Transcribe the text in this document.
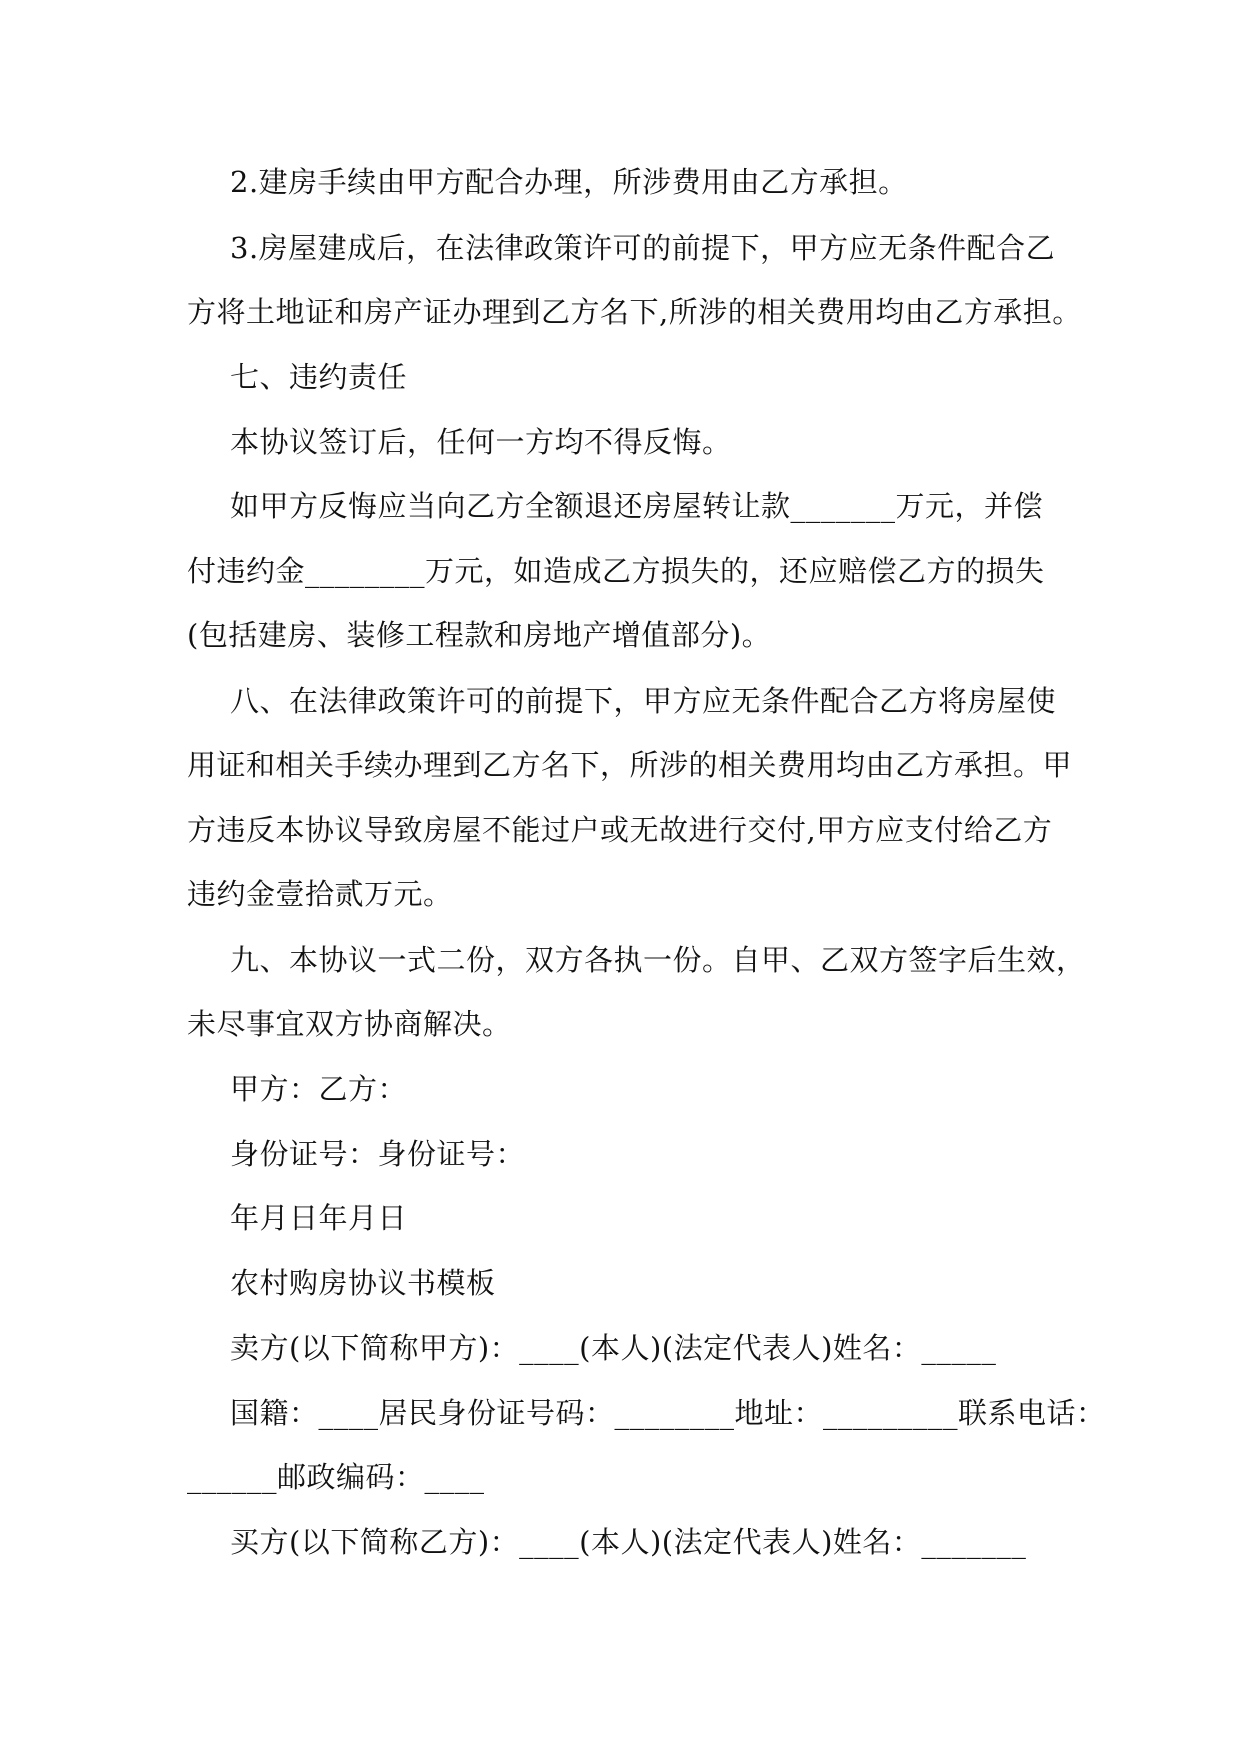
2.建房手续由甲方配合办理，所涉费用由乙方承担。
3.房屋建成后，在法律政策许可的前提下，甲方应无条件配合乙
方将土地证和房产证办理到乙方名下,所涉的相关费用均由乙方承担。
七、违约责任
本协议签订后，任何一方均不得反悔。
如甲方反悔应当向乙方全额退还房屋转让款_______万元，并偿
付违约金________万元，如造成乙方损失的，还应赔偿乙方的损失
(包括建房、装修工程款和房地产增值部分)。
八、在法律政策许可的前提下，甲方应无条件配合乙方将房屋使
用证和相关手续办理到乙方名下，所涉的相关费用均由乙方承担。甲
方违反本协议导致房屋不能过户或无故进行交付,甲方应支付给乙方
违约金壹拾贰万元。
九、本协议一式二份，双方各执一份。自甲、乙双方签字后生效，
未尽事宜双方协商解决。
甲方：乙方：
身份证号：身份证号：
年月日年月日
农村购房协议书模板
卖方(以下简称甲方)：____(本人)(法定代表人)姓名：_____
国籍：____居民身份证号码：________地址：_________联系电话：
______邮政编码：____
买方(以下简称乙方)：____(本人)(法定代表人)姓名：_______
